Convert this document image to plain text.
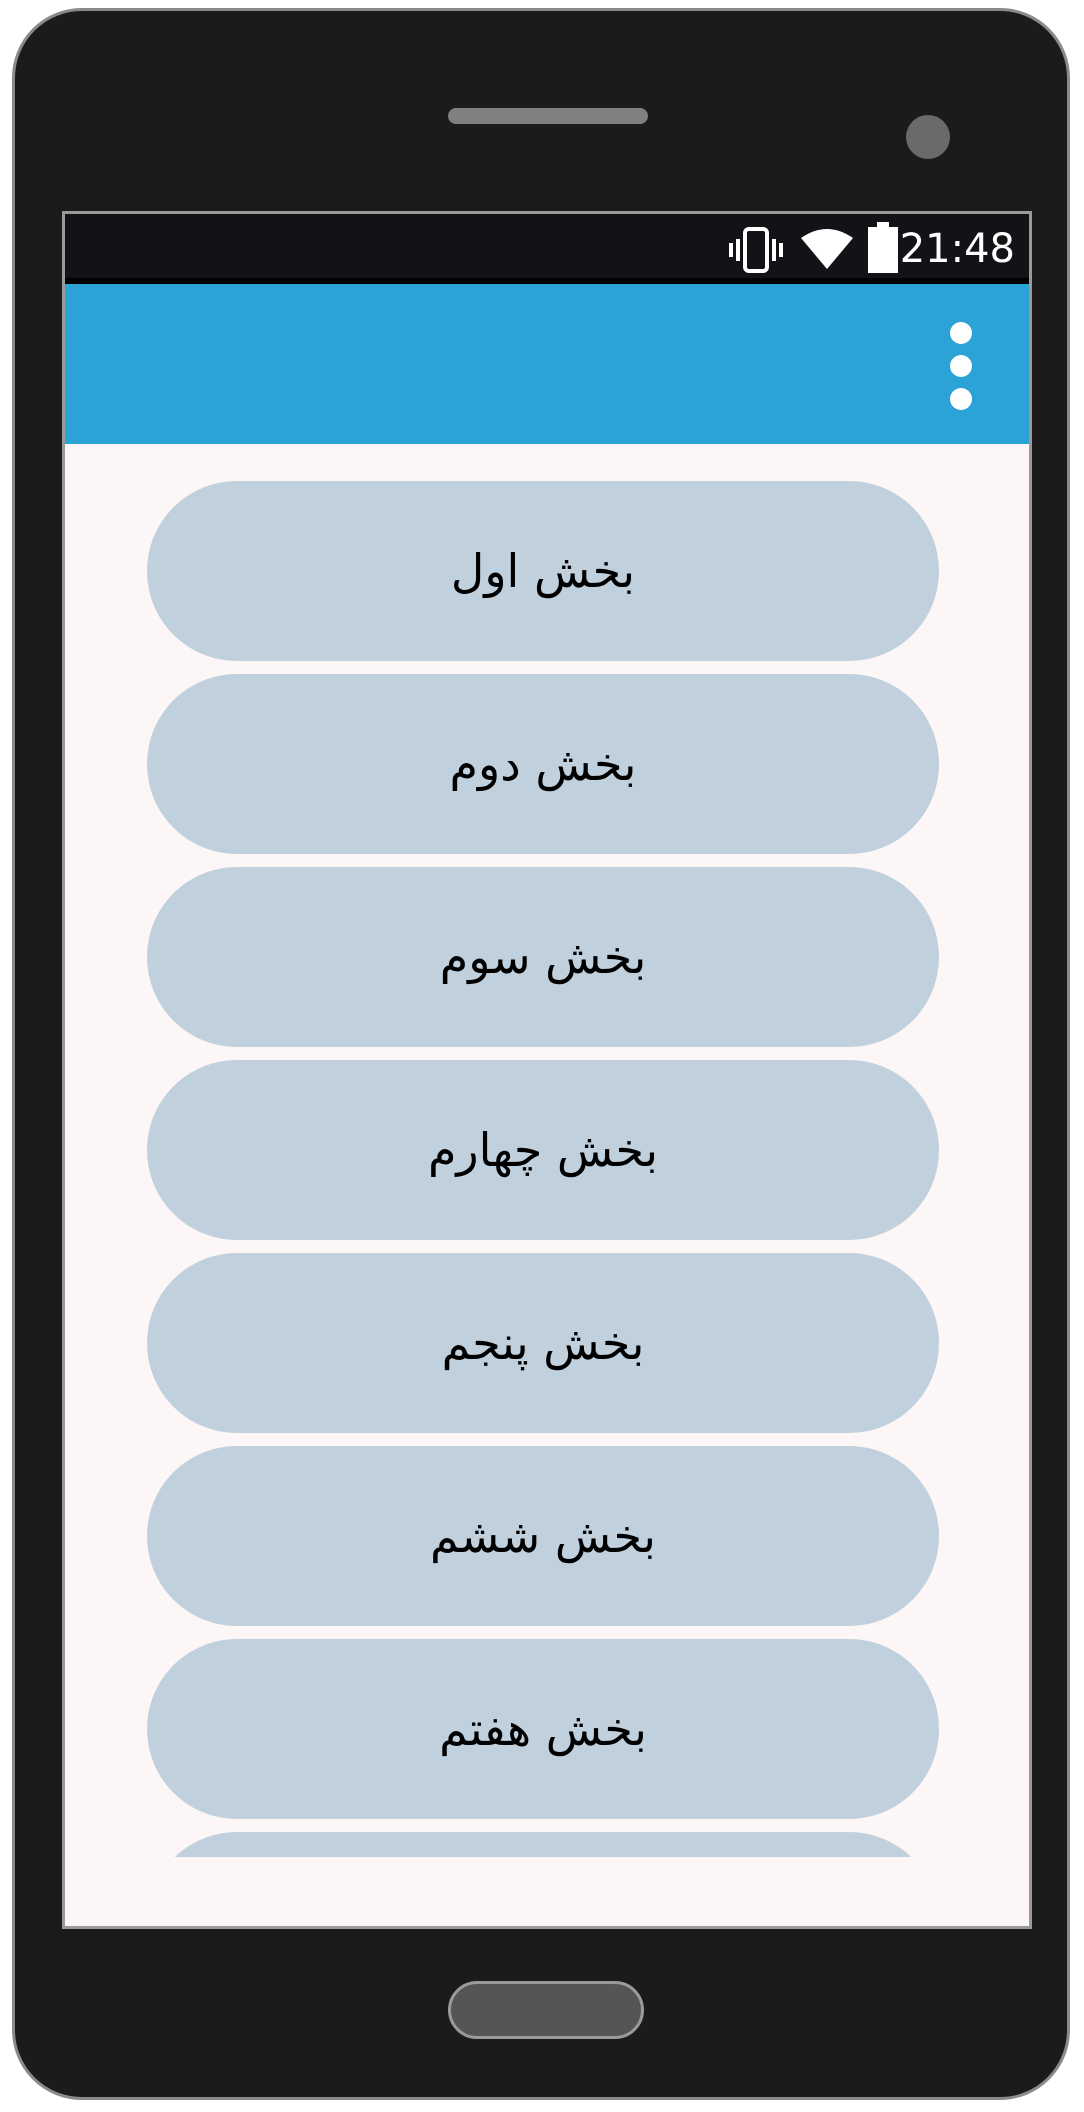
21:48
بخش اول
بخش دوم
بخش سوم
بخش چهارم
بخش پنجم
بخش ششم
بخش هفتم
